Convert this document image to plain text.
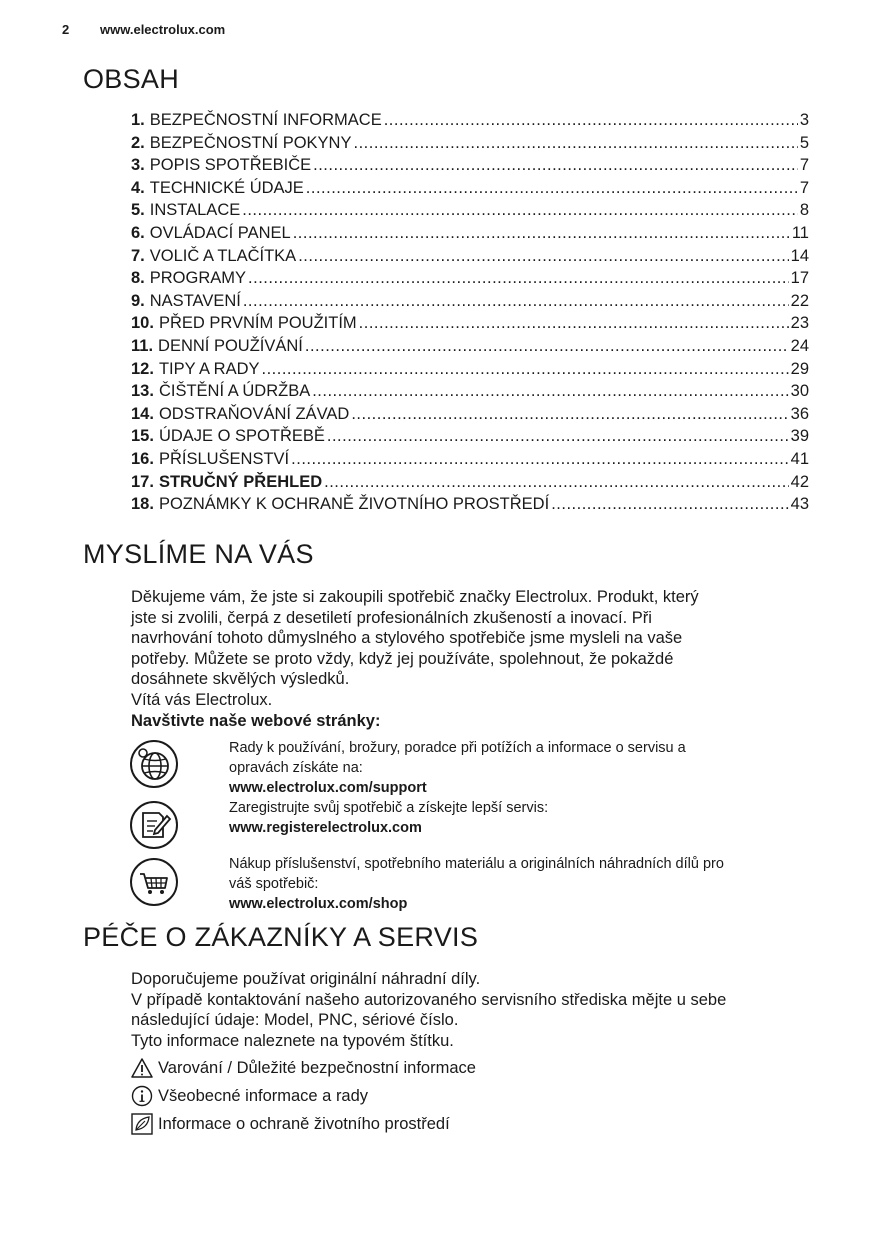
2 www.electrolux.com
OBSAH
1. BEZPEČNOSTNÍ INFORMACE .....	3
2. BEZPEČNOSTNÍ POKYNY .....	5
3. POPIS SPOTŘEBIČE .....	7
4. TECHNICKÉ ÚDAJE .....	7
5. INSTALACE .....	8
6. OVLÁDACÍ PANEL .....	11
7. VOLIČ A TLAČÍTKA .....	14
8. PROGRAMY .....	17
9. NASTAVENÍ .....	22
10. PŘED PRVNÍM POUŽITÍM .....	23
11. DENNÍ POUŽÍVÁNÍ .....	24
12. TIPY A RADY .....	29
13. ČIŠTĚNÍ A ÚDRŽBA .....	30
14. ODSTRAŇOVÁNÍ ZÁVAD .....	36
15. ÚDAJE O SPOTŘEBĚ .....	39
16. PŘÍSLUŠENSTVÍ .....	41
17. STRUČNÝ PŘEHLED .....	42
18. POZNÁMKY K OCHRANĚ ŽIVOTNÍHO PROSTŘEDÍ .....	43
MYSLÍME NA VÁS

Děkujeme vám, že jste si zakoupili spotřebič značky Electrolux. Produkt, který

jste si zvolili, čerpá z desetiletí profesionálních zkušeností a inovací. Při

navrhování tohoto důmyslného a stylového spotřebiče jsme mysleli na vaše

potřeby. Můžete se proto vždy, když jej používáte, spolehnout, že pokaždé

dosáhnete skvělých výsledků.

Vítá vás Electrolux.

Navštivte naše webové stránky:

Rady k používání, brožury, poradce při potížích a informace o servisu a
opravách získáte na:
www.electrolux.com/support
Zaregistrujte svůj spotřebič a získejte lepší servis:
www.registerelectrolux.com
Nákup příslušenství, spotřebního materiálu a originálních náhradních dílů pro
váš spotřebič:
www.electrolux.com/shop
PÉČE O ZÁKAZNÍKY A SERVIS

Doporučujeme používat originální náhradní díly.

V případě kontaktování našeho autorizovaného servisního střediska mějte u sebe

následující údaje: Model, PNC, sériové číslo.

Tyto informace naleznete na typovém štítku.

Varování / Důležité bezpečnostní informace
Všeobecné informace a rady
Informace o ochraně životního prostředí
